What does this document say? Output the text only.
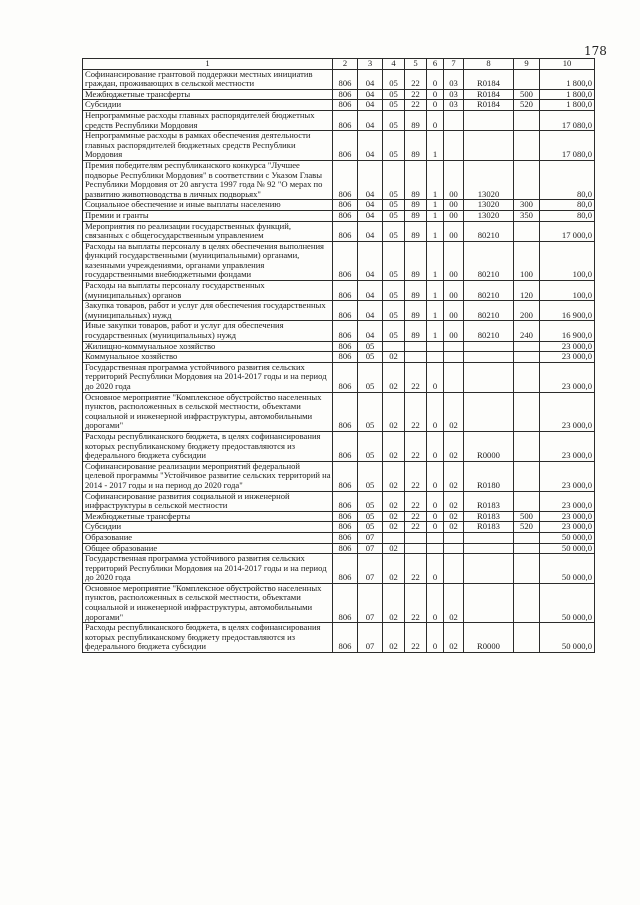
178
1	2	3	4	5	6	7	8	9	10
Софинансирование грантовой поддержки местных инициатив граждан, проживающих в сельской местности	806	04	05	22	0	03	R0184		1 800,0
Межбюджетные трансферты	806	04	05	22	0	03	R0184	500	1 800,0
Субсидии	806	04	05	22	0	03	R0184	520	1 800,0
Непрограммные расходы главных распорядителей бюджетных средств Республики Мордовия	806	04	05	89	0				17 080,0
Непрограммные расходы в рамках обеспечения деятельности главных распорядителей бюджетных средств Республики Мордовия	806	04	05	89	1				17 080,0
Премия победителям республиканского конкурса "Лучшее подворье Республики Мордовия" в соответствии с Указом Главы Республики Мордовия от 20 августа 1997 года № 92 "О мерах по развитию животноводства в личных подворьях"	806	04	05	89	1	00	13020		80,0
Социальное обеспечение и иные выплаты населению	806	04	05	89	1	00	13020	300	80,0
Премии и гранты	806	04	05	89	1	00	13020	350	80,0
Мероприятия по реализации государственных функций, связанных с общегосударственным управлением	806	04	05	89	1	00	80210		17 000,0
Расходы на выплаты персоналу в целях обеспечения выполнения функций государственными (муниципальными) органами, казенными учреждениями, органами управления государственными внебюджетными фондами	806	04	05	89	1	00	80210	100	100,0
Расходы на выплаты персоналу государственных (муниципальных) органов	806	04	05	89	1	00	80210	120	100,0
Закупка товаров, работ и услуг для обеспечения государственных (муниципальных) нужд	806	04	05	89	1	00	80210	200	16 900,0
Иные закупки товаров, работ и услуг для обеспечения государственных (муниципальных) нужд	806	04	05	89	1	00	80210	240	16 900,0
Жилищно-коммунальное хозяйство	806	05							23 000,0
Коммунальное хозяйство	806	05	02						23 000,0
Государственная программа устойчивого развития сельских территорий Республики Мордовия на 2014-2017 годы и на период до 2020 года	806	05	02	22	0				23 000,0
Основное мероприятие "Комплексное обустройство населенных пунктов, расположенных в сельской местности, объектами социальной и инженерной инфраструктуры, автомобильными дорогами"	806	05	02	22	0	02			23 000,0
Расходы республиканского бюджета, в целях софинансирования которых республиканскому бюджету предоставляются из федерального бюджета субсидии	806	05	02	22	0	02	R0000		23 000,0
Софинансирование реализации мероприятий федеральной целевой программы "Устойчивое развитие сельских территорий на 2014 - 2017 годы и на период до 2020 года"	806	05	02	22	0	02	R0180		23 000,0
Софинансирование развития социальной и инженерной инфраструктуры в сельской местности	806	05	02	22	0	02	R0183		23 000,0
Межбюджетные трансферты	806	05	02	22	0	02	R0183	500	23 000,0
Субсидии	806	05	02	22	0	02	R0183	520	23 000,0
Образование	806	07							50 000,0
Общее образование	806	07	02						50 000,0
Государственная программа устойчивого развития сельских территорий Республики Мордовия на 2014-2017 годы и на период до 2020 года	806	07	02	22	0				50 000,0
Основное мероприятие "Комплексное обустройство населенных пунктов, расположенных в сельской местности, объектами социальной и инженерной инфраструктуры, автомобильными дорогами"	806	07	02	22	0	02			50 000,0
Расходы республиканского бюджета, в целях софинансирования которых республиканскому бюджету предоставляются из федерального бюджета субсидии	806	07	02	22	0	02	R0000		50 000,0
